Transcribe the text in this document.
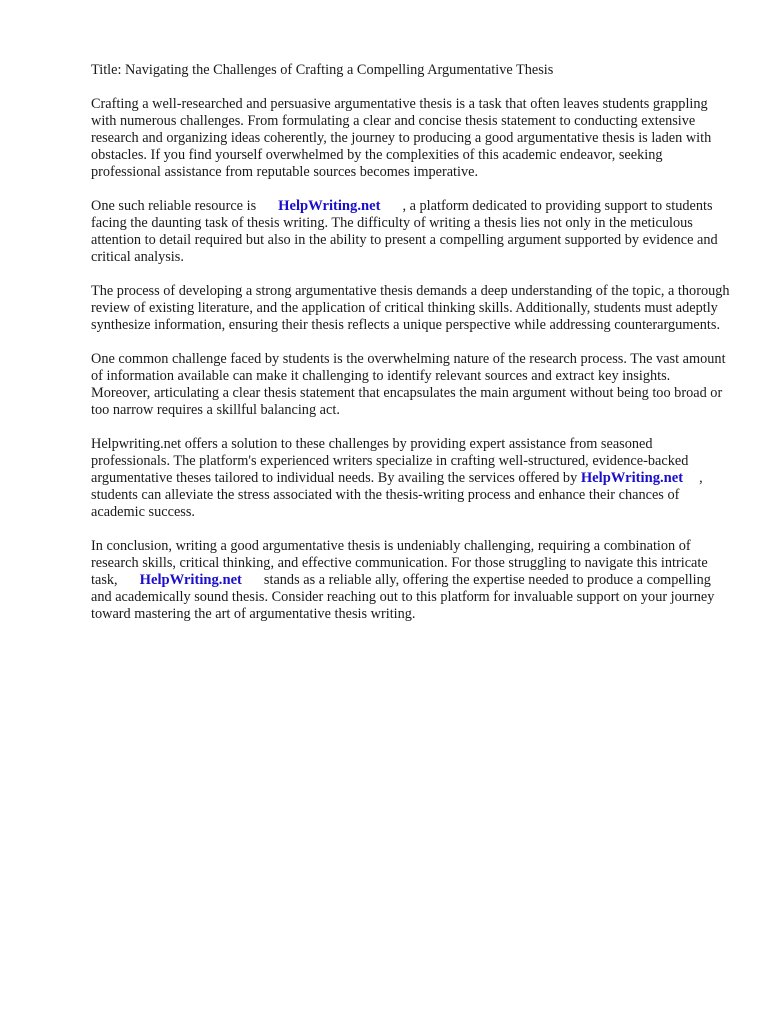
Title: Navigating the Challenges of Crafting a Compelling Argumentative Thesis

Crafting a well-researched and persuasive argumentative thesis is a task that often leaves students grappling with numerous challenges. From formulating a clear and concise thesis statement to conducting extensive research and organizing ideas coherently, the journey to producing a good argumentative thesis is laden with obstacles. If you find yourself overwhelmed by the complexities of this academic endeavor, seeking professional assistance from reputable sources becomes imperative.

One such reliable resource is HelpWriting.net , a platform dedicated to providing support to students facing the daunting task of thesis writing. The difficulty of writing a thesis lies not only in the meticulous attention to detail required but also in the ability to present a compelling argument supported by evidence and critical analysis.

The process of developing a strong argumentative thesis demands a deep understanding of the topic, a thorough review of existing literature, and the application of critical thinking skills. Additionally, students must adeptly synthesize information, ensuring their thesis reflects a unique perspective while addressing counterarguments.

One common challenge faced by students is the overwhelming nature of the research process. The vast amount of information available can make it challenging to identify relevant sources and extract key insights. Moreover, articulating a clear thesis statement that encapsulates the main argument without being too broad or too narrow requires a skillful balancing act.

Helpwriting.net offers a solution to these challenges by providing expert assistance from seasoned professionals. The platform's experienced writers specialize in crafting well-structured, evidence-backed argumentative theses tailored to individual needs. By availing the services offered by HelpWriting.net , students can alleviate the stress associated with the thesis-writing process and enhance their chances of academic success.

In conclusion, writing a good argumentative thesis is undeniably challenging, requiring a combination of research skills, critical thinking, and effective communication. For those struggling to navigate this intricate task, HelpWriting.net stands as a reliable ally, offering the expertise needed to produce a compelling and academically sound thesis. Consider reaching out to this platform for invaluable support on your journey toward mastering the art of argumentative thesis writing.
